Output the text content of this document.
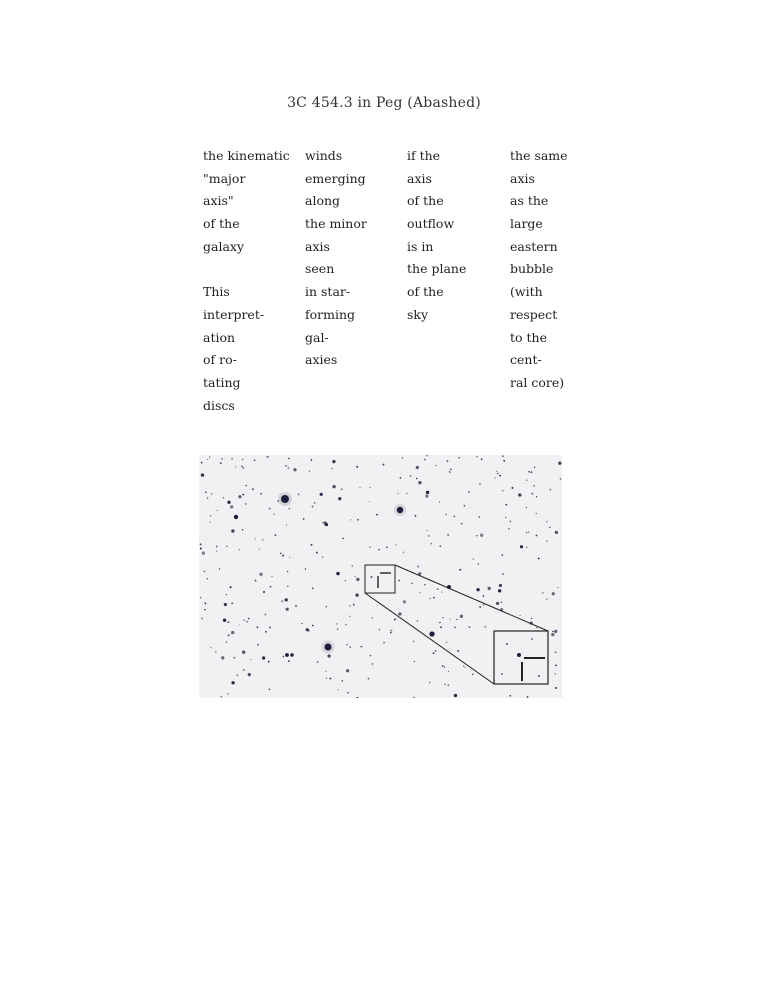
3C 454.3 in Peg (Abashed)
the kinematic
"major
axis"
of the
galaxy
This
interpret-
ation
of ro-
tating
discs
winds
emerging
along
the minor
axis
seen
in star-
forming
gal-
axies
if the
axis
of the
outflow
is in
the plane
of the
sky
the same
axis
as the
large
eastern
bubble
(with
respect
to the
cent-
ral core)
